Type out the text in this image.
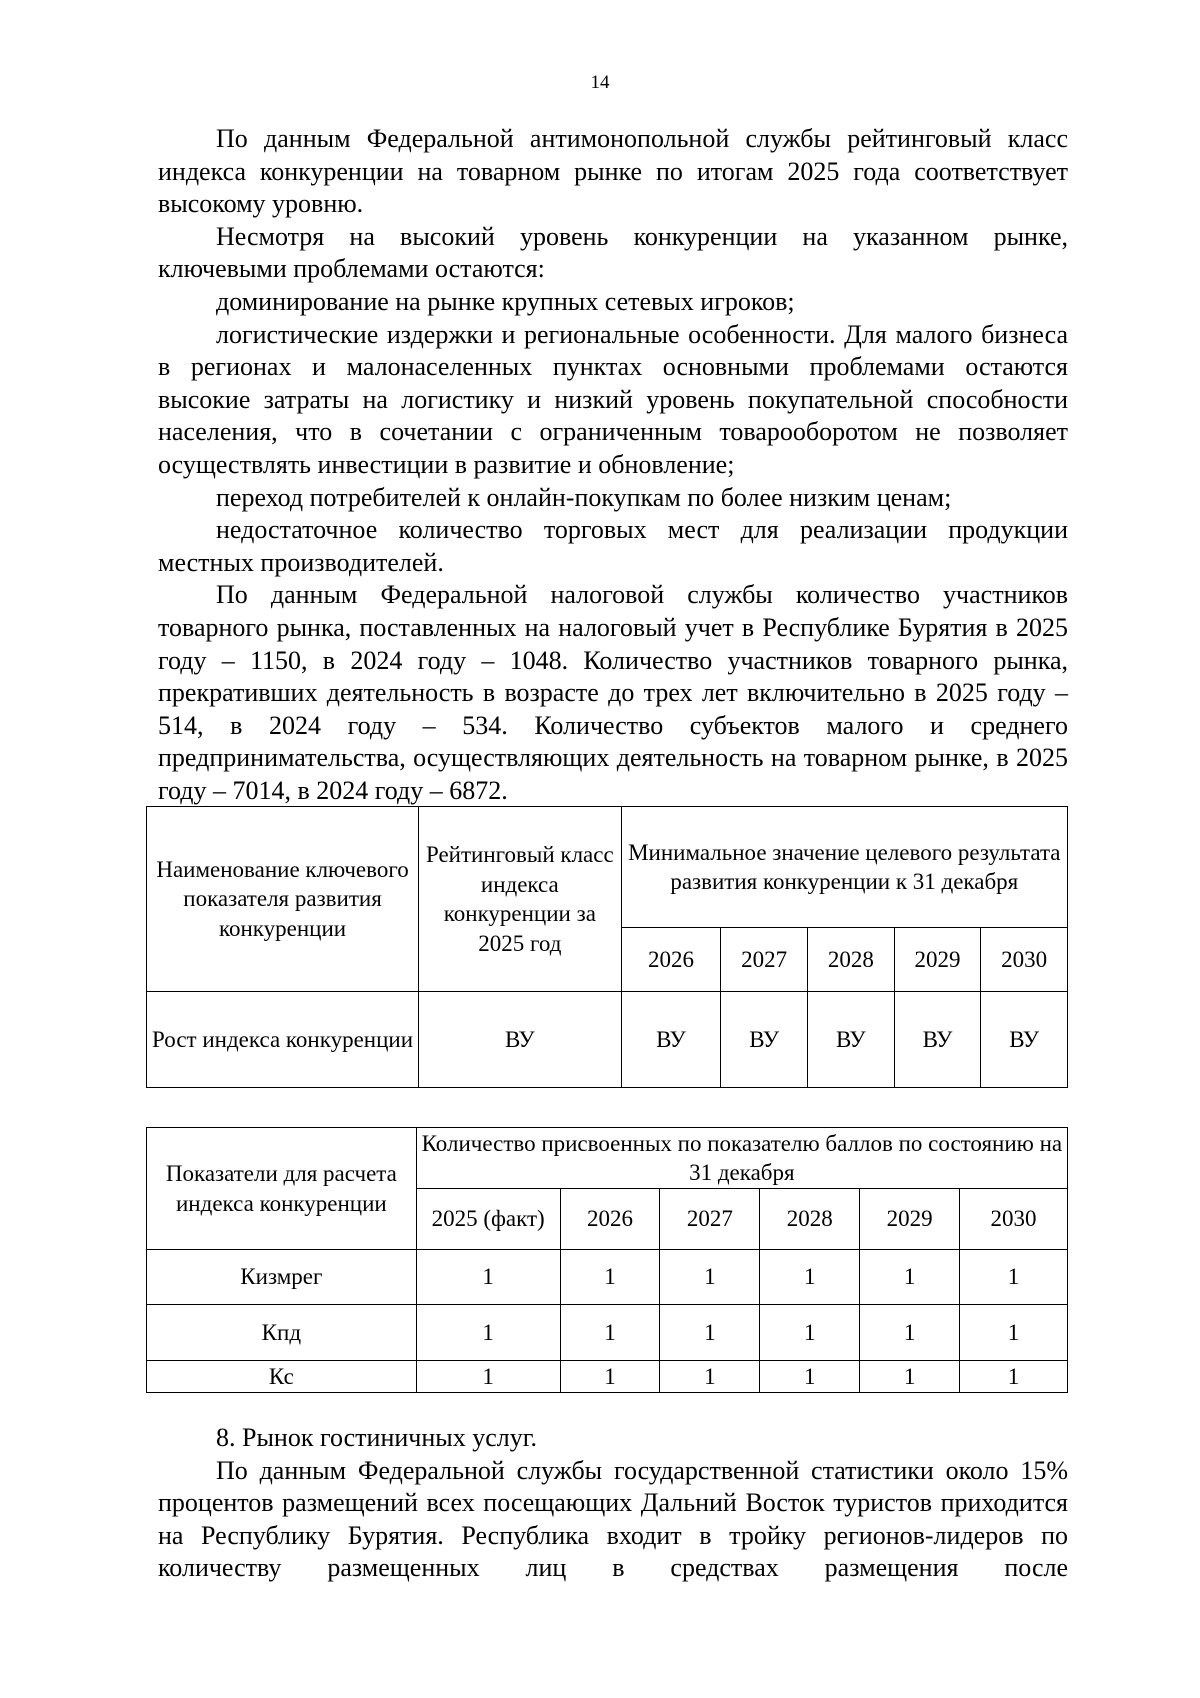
14

По данным Федеральной антимонопольной службы рейтинговый класс индекса конкуренции на товарном рынке по итогам 2025 года соответствует высокому уровню.

Несмотря на высокий уровень конкуренции на указанном рынке, ключевыми проблемами остаются:

доминирование на рынке крупных сетевых игроков;

логистические издержки и региональные особенности. Для малого бизнеса в регионах и малонаселенных пунктах основными проблемами остаются высокие затраты на логистику и низкий уровень покупательной способности населения, что в сочетании с ограниченным товарооборотом не позволяет осуществлять инвестиции в развитие и обновление;

переход потребителей к онлайн-покупкам по более низким ценам;

недостаточное количество торговых мест для реализации продукции местных производителей.

По данным Федеральной налоговой службы количество участников товарного рынка, поставленных на налоговый учет в Республике Бурятия в 2025 году – 1150, в 2024 году – 1048. Количество участников товарного рынка, прекративших деятельность в возрасте до трех лет включительно в 2025 году – 514, в 2024 году – 534. Количество субъектов малого и среднего предпринимательства, осуществляющих деятельность на товарном рынке, в 2025 году – 7014, в 2024 году – 6872.

Наименование ключевого показателя развития конкуренции	Рейтинговый класс индекса конкуренции за 2025 год	Минимальное значение целевого результата развития конкуренции к 31 декабря				
		2026	2027	2028	2029	2030
Рост индекса конкуренции	ВУ	ВУ	ВУ	ВУ	ВУ	ВУ
Показатели для расчета индекса конкуренции	Количество присвоенных по показателю баллов по состоянию на 31 декабря					
	2025 (факт)	2026	2027	2028	2029	2030
Кизмрег	1	1	1	1	1	1
Кпд	1	1	1	1	1	1
Кс	1	1	1	1	1	1

8. Рынок гостиничных услуг.

По данным Федеральной службы государственной статистики около 15% процентов размещений всех посещающих Дальний Восток туристов приходится на Республику Бурятия. Республика входит в тройку регионов-лидеров по количеству размещенных лиц в средствах размещения после
